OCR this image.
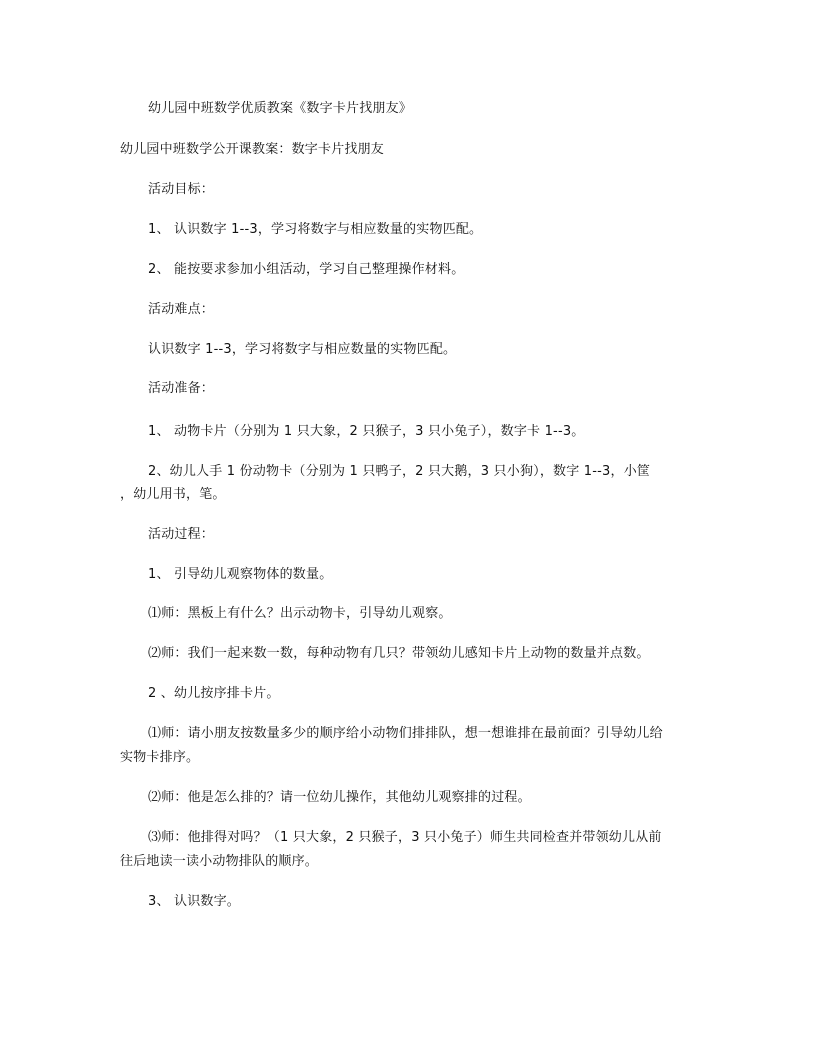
幼儿园中班数学优质教案《数字卡片找朋友》
幼儿园中班数学公开课教案：数字卡片找朋友
活动目标：
1、 认识数字 1--3，学习将数字与相应数量的实物匹配。
2、 能按要求参加小组活动，学习自己整理操作材料。
活动难点：
认识数字 1--3，学习将数字与相应数量的实物匹配。
活动准备：
1、 动物卡片（分别为 1 只大象，2 只猴子，3 只小兔子），数字卡 1--3。
2、幼儿人手 1 份动物卡（分别为 1 只鸭子，2 只大鹅，3 只小狗），数字 1--3，小筐
，幼儿用书，笔。
活动过程：
1、 引导幼儿观察物体的数量。
⑴师：黑板上有什么？出示动物卡，引导幼儿观察。
⑵师：我们一起来数一数，每种动物有几只？带领幼儿感知卡片上动物的数量并点数。
2 、幼儿按序排卡片。
⑴师：请小朋友按数量多少的顺序给小动物们排排队，想一想谁排在最前面？引导幼儿给
实物卡排序。
⑵师：他是怎么排的？请一位幼儿操作，其他幼儿观察排的过程。
⑶师：他排得对吗？（1 只大象，2 只猴子，3 只小兔子）师生共同检查并带领幼儿从前
往后地读一读小动物排队的顺序。
3、 认识数字。
